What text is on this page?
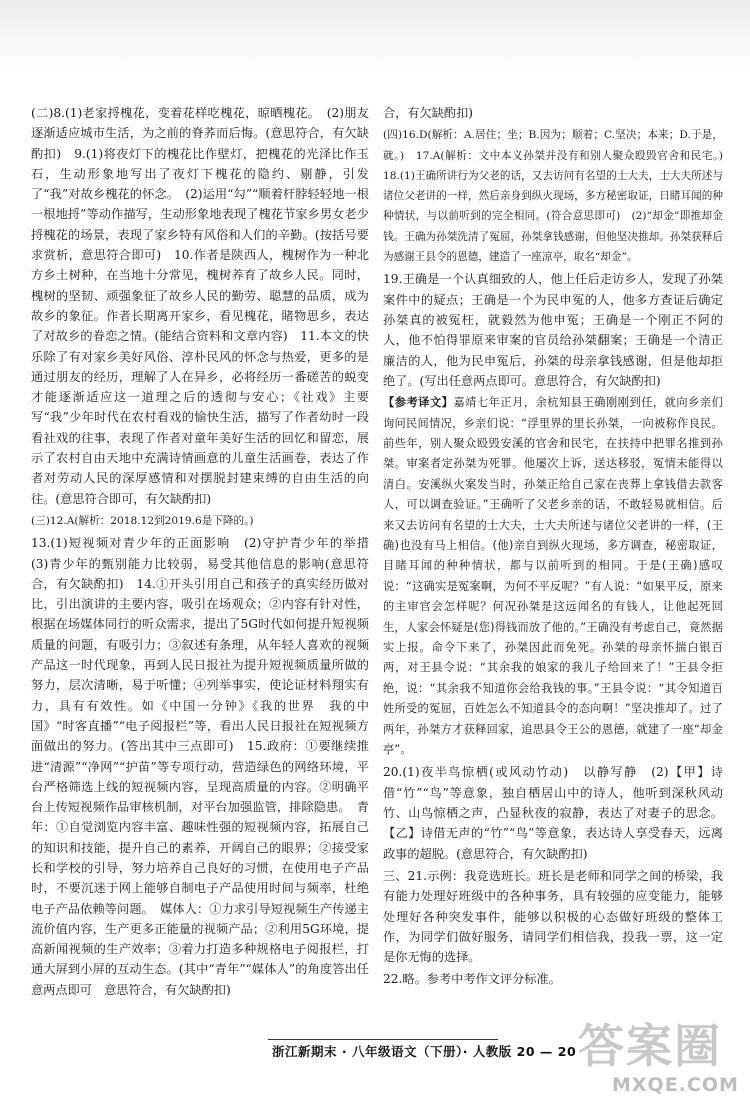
(二)8.(1)老家捋槐花，变着花样吃槐花，晾晒槐花。　(2)朋友逐渐适应城市生活，为之前的脊荞而后悔。(意思符合，有欠缺酌扣)　9.(1)将夜灯下的槐花比作壁灯，把槐花的光泽比作玉石，生动形象地写出了夜灯下槐花的隐约、剔静，引发了“我”对故乡槐花的怀念。　(2)运用“勾”“顺着杆脖轻轻地一根一根地捋”等动作描写，生动形象地表现了槐花节家乡男女老少捋槐花的场景，表现了家乡特有风俗和人们的辛勤。(按括号要求赏析，意思符合即可)　10.作者是陕西人，槐树作为一种北方乡土树种，在当地十分常见，槐树养育了故乡人民。同时，槐树的坚韧、顽强象征了故乡人民的勤劳、聪慧的品质，成为故乡的象征。作者长期离开家乡，看见槐花，睹物思乡，表达了对故乡的眷恋之情。(能结合资料和文章内容)　11.本文的快乐除了有对家乡美好风俗、淳朴民风的怀念与热爱，更多的是通过朋友的经历，理解了人在异乡，必将经历一番磋苦的蜕变才能逐渐适应这一道理之后的透彻与安心；《社戏》主要写“我”少年时代在农村看戏的愉快生活，描写了作者幼时一段看社戏的往事，表现了作者对童年美好生活的回忆和留恋，展示了农村自由天地中充满诗情画意的儿童生活画卷，表达了作者对劳动人民的深厚感情和对摆脱封建束缚的自由生活的向往。(意思符合即可，有欠缺酌扣)

(三)12.A(解析：2018.12到2019.6是下降的。)

13.(1)短视频对青少年的正面影响　(2)守护青少年的举措　(3)青少年的甄别能力比较弱，易受其他信息的影响(意思符合，有欠缺酌扣)　14.①开头引用自己和孩子的真实经历做对比，引出演讲的主要内容，吸引在场观众；②内容有针对性，根据在场媒体同行的听众需求，提出了5G时代如何提升短视频质量的问题，有吸引力；③叙述有条理，从年轻人喜欢的视频产品这一时代现象，再到人民日报社为提升短视频质量所做的努力，层次清晰，易于听懂；④列举事实，使论证材料翔实有力，具有有效性。如《中国一分钟》《我的世界　我的中国》“时客直播”“电子阅报栏”等，看出人民日报社在短视频方面做出的努力。(答出其中三点即可)　15.政府：①要继续推进“清源”“净网”“护苗”等专项行动，营造绿色的网络环境，平台严格筛选上线的短视频内容，呈现高质量的内容。②明确平台上传短视频作品审核机制，对平台加强监管，排除隐患。　青年：①自觉浏览内容丰富、趣味性强的短视频内容，拓展自己的知识和技能，提升自己的素养，开阔自己的眼界；②接受家长和学校的引导，努力培养自己良好的习惯，在使用电子产品时，不要沉迷于网上能够自制电子产品使用时间与频率，杜绝电子产品依赖等问题。　媒体人：①力求引导短视频生产传递主流价值内容，生产更多正能量的视频产品；②利用5G环境，提高新闻视频的生产效率；③着力打造多种规格电子阅报栏，打通大屏到小屏的互动生态。(其中“青年”“媒体人”的角度答出任意两点即可　意思符合，有欠缺酌扣)

合，有欠缺酌扣)

(四)16.D(解析：A.居住；坐；B.因为；顺着；C.坚决；本来；D.于是，就。)　17.A(解析：文中本义孙桀并没有和别人聚众殴毁官舍和民宅。)　18.(1)王确所讲行为父老的话，又去访问有名望的士大夫，士大夫所述与诸位父老讲的一样，然后亲身到纵火现场，多方秘密取证，日睹耳闻的种种情状，与以前听到的完全相同。(符合意思即可)　(2)“却金”即推却金钱。王确为孙桀洗清了冤屈，孙桀拿钱感谢，但他坚决推却。孙桀获释后为感谢王县令的恩德，建造了一座凉亭，取名“却金”。

19.王确是一个认真细致的人，他上任后走访乡人，发现了孙桀案件中的疑点；王确是一个为民申冤的人，他多方查证后确定孙桀真的被冤枉，就毅然为他申冤；王确是一个刚正不阿的人，他不怕得罪原来审案的官员给孙桀翻案；王确是一个清正廉洁的人，他为民申冤后，孙桀的母亲拿钱感谢，但是他却拒绝了。(写出任意两点即可。意思符合，有欠缺酌扣)

【参考译文】嘉靖七年正月，余杭知县王确刚刚到任，就向乡亲们询问民间情况，乡亲们说：“浮里界的里长孙桀，一向被称作良民。前些年，别人聚众殴毁安溪的官舍和民宅，在扶持中把罪名推到孙桀。审案者定孙桀为死罪。他屡次上诉，送达移驳，冤情未能得以清白。安溪纵火案发当时，孙桀正给自己家在丧葬上拿钱借去款客人，可以调查验证。”王确听了父老乡亲的话，不敢轻易就相信。后来又去访问有名望的士大夫，士大夫所述与诸位父老讲的一样，(王确)也没有马上相信。(他)亲自到纵火现场，多方调查，秘密取证，目睹耳闻的种种情状，都与以前听到的相同。于是(王确)感叹说：“这确实是冤案啊，为何不平反呢？”有人说：“如果平反，原来的主审官会怎样呢？何况孙桀是这远闻名的有钱人，让他起死回生，人家会怀疑是(您)得钱而放了他的。”王确没有考虑自己，竟然据实上报。命令下来了，孙桀因此而免死。孙桀的母亲怀揣白银百两，对王县令说：“其余我的娘家的我儿子给回来了！”王县令拒绝，说：“其余我不知道你会给我钱的事。”王县令说：“其令知道百姓所受的冤屈，百姓怎么不知道县令的态向啊！”坚决推却了。过了两年，孙桀方才获释回家，追思县令王公的恩德，就建了一座“却金亭”。

20.(1)夜半鸟惊栖(或风动竹动)　以静写静　(2)【甲】诗借“竹”“鸟”等意象，独自栖居山中的诗人，他听到深秋风动竹、山鸟惊栖之声，凸显秋夜的寂静，表达了对妻子的思念。【乙】诗借无声的“竹”“鸟”等意象，表达诗人享受春天，远离政事的超脱。(意思符合，有欠缺酌扣)

三、21.示例：我竞选班长。班长是老师和同学之间的桥梁，我有能力处理好班级中的各种事务，具有较强的应变能力，能够处理好各种突发事件，能够以积极的心态做好班级的整体工作，为同学们做好服务，请同学们相信我，投我一票，这一定是你无悔的选择。

22.略。参考中考作文评分标准。

浙江新期末 · 八年级语文（下册）· 人教版 20 — 20 答案圈
MXQE.COM
